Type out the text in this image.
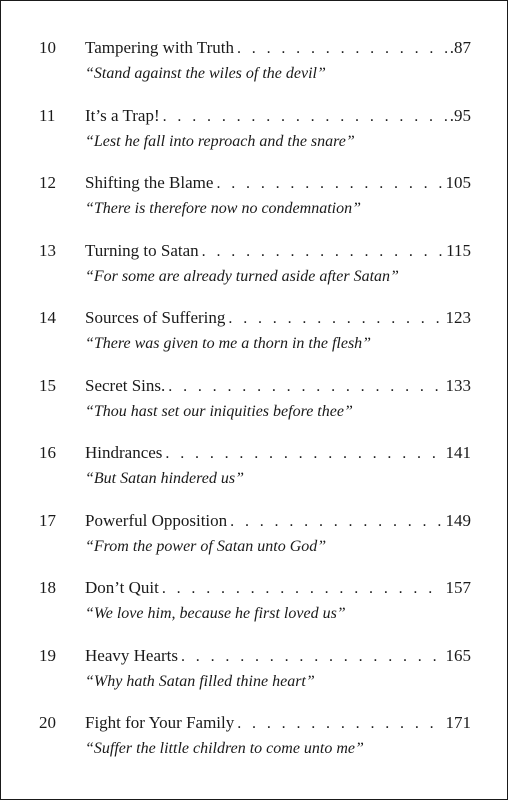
10	Tampering with Truth . . .	.87
“Stand against the wiles of the devil”
11	It’s a Trap! . . .	.95
“Lest he fall into reproach and the snare”
12	Shifting the Blame . . .	105
“There is therefore now no condemnation”
13	Turning to Satan . . .	115
“For some are already turned aside after Satan”
14	Sources of Suffering . . .	123
“There was given to me a thorn in the flesh”
15	Secret Sins. . . .	133
“Thou hast set our iniquities before thee”
16	Hindrances . . .	141
“But Satan hindered us”
17	Powerful Opposition . . .	149
“From the power of Satan unto God”
18	Don’t Quit . . .	157
“We love him, because he first loved us”
19	Heavy Hearts . . .	165
“Why hath Satan filled thine heart”
20	Fight for Your Family . . .	171
“Suffer the little children to come unto me”
